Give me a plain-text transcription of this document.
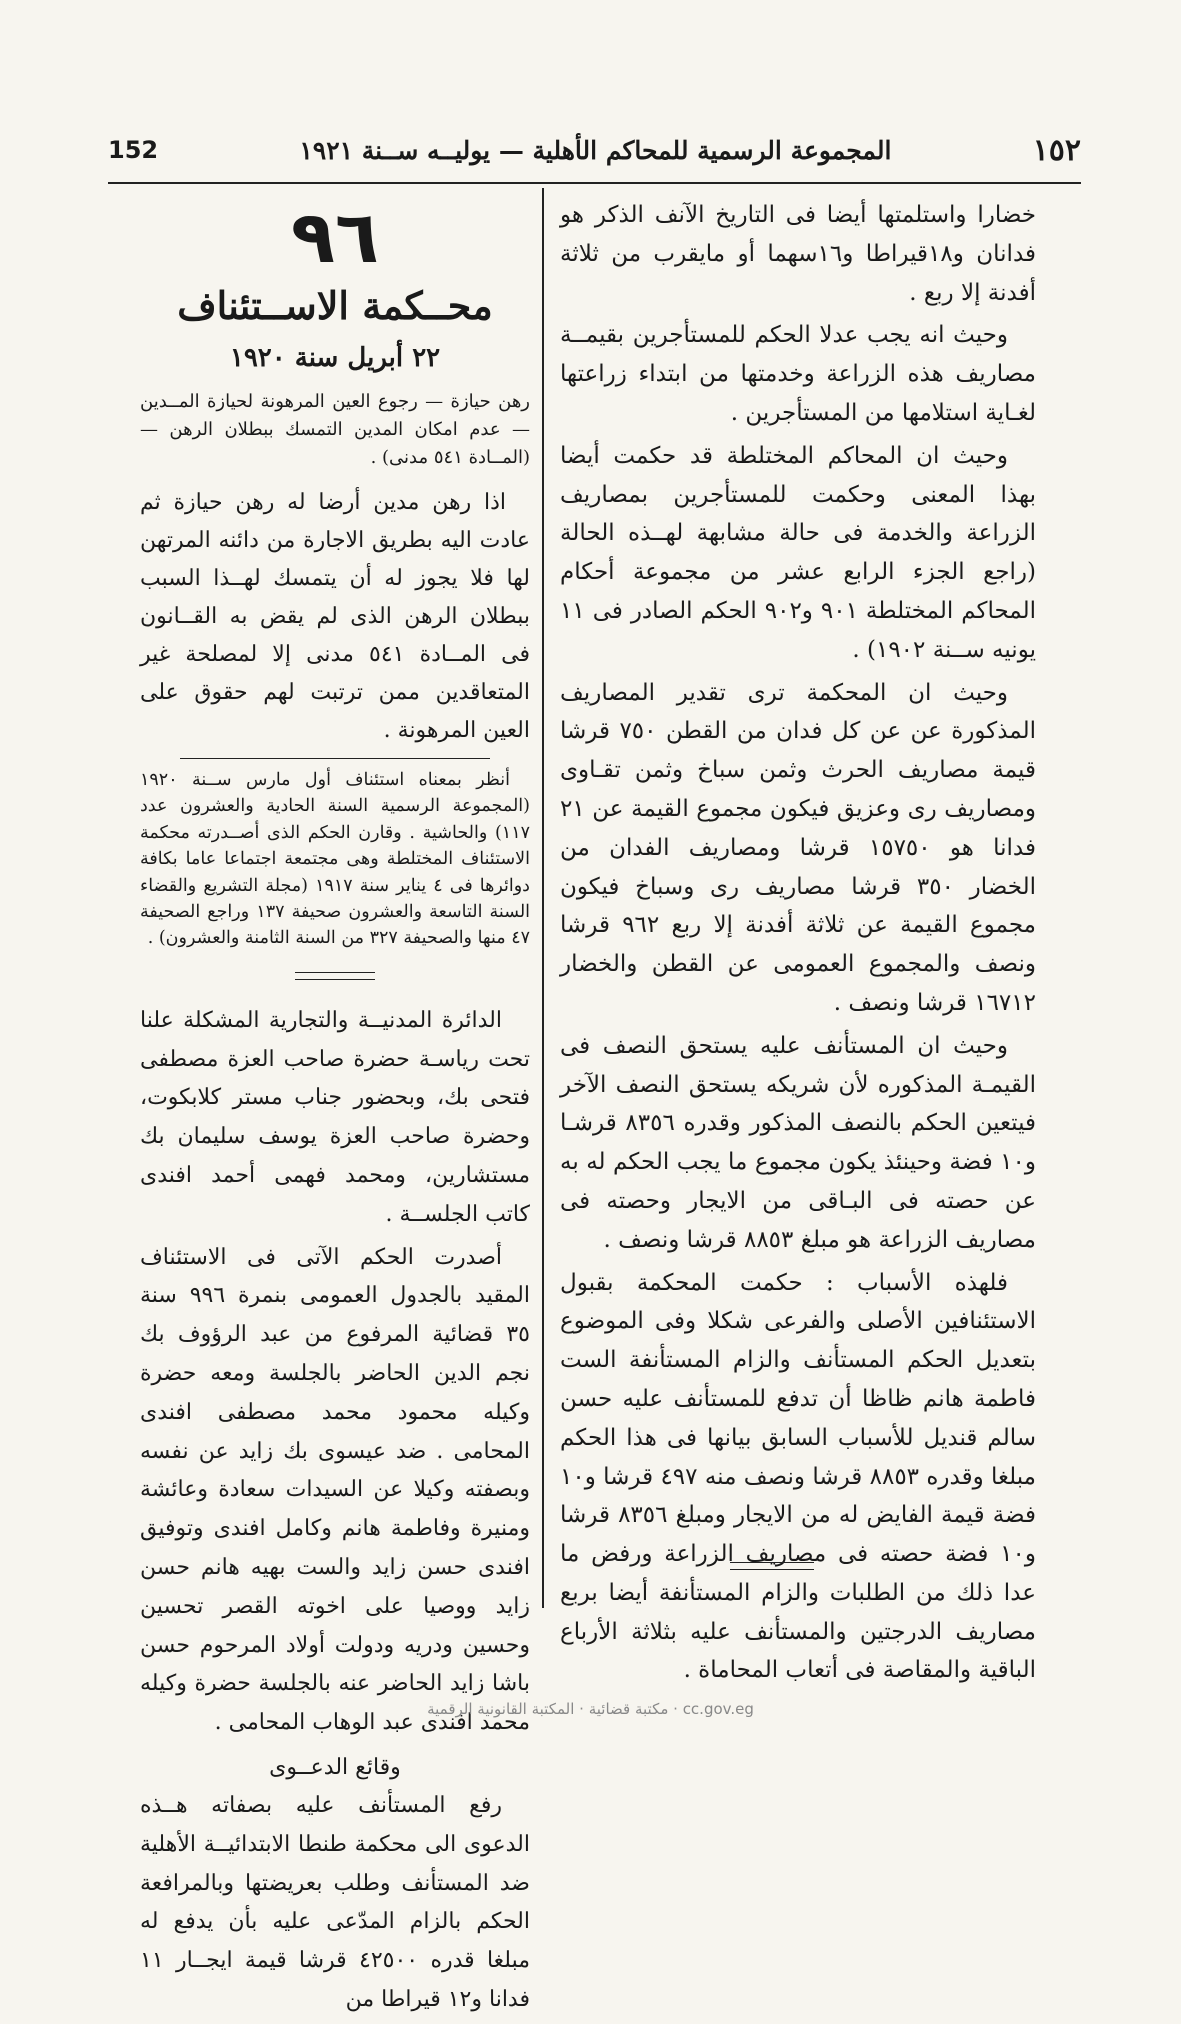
١٥٢
المجموعة الرسمية للمحاكم الأهلية — يوليــه ســنة ١٩٢١
152

خضارا واستلمتها أيضا فى التاريخ الآنف الذكر هو فدانان و١٨قيراطا و١٦سهما أو مايقرب من ثلاثة أفدنة إلا ربع .

وحيث انه يجب عدلا الحكم للمستأجرين بقيمــة مصاريف هذه الزراعة وخدمتها من ابتداء زراعتها لغـاية استلامها من المستأجرين .

وحيث ان المحاكم المختلطة قد حكمت أيضا بهذا المعنى وحكمت للمستأجرين بمصاريف الزراعة والخدمة فى حالة مشابهة لهــذه الحالة (راجع الجزء الرابع عشر من مجموعة أحكام المحاكم المختلطة ٩٠١ و٩٠٢ الحكم الصادر فى ١١ يونيه ســنة ١٩٠٢) .

وحيث ان المحكمة ترى تقدير المصاريف المذكورة عن عن كل فدان من القطن ٧٥٠ قرشا قيمة مصاريف الحرث وثمن سباخ وثمن تقـاوى ومصاريف رى وعزيق فيكون مجموع القيمة عن ٢١ فدانا هو ١٥٧٥٠ قرشا ومصاريف الفدان من الخضار ٣٥٠ قرشا مصاريف رى وسباخ فيكون مجموع القيمة عن ثلاثة أفدنة إلا ربع ٩٦٢ قرشا ونصف والمجموع العمومى عن القطن والخضار ١٦٧١٢ قرشا ونصف .

وحيث ان المستأنف عليه يستحق النصف فى القيمـة المذكوره لأن شريكه يستحق النصف الآخر فيتعين الحكم بالنصف المذكور وقدره ٨٣٥٦ قرشـا و١٠ فضة وحينئذ يكون مجموع ما يجب الحكم له به عن حصته فى البـاقى من الايجار وحصته فى مصاريف الزراعة هو مبلغ ٨٨٥٣ قرشا ونصف .

فلهذه الأسباب : حكمت المحكمة بقبول الاستئنافين الأصلى والفرعى شكلا وفى الموضوع بتعديل الحكم المستأنف والزام المستأنفة الست فاطمة هانم ظاظا أن تدفع للمستأنف عليه حسن سالم قنديل للأسباب السابق بيانها فى هذا الحكم مبلغا وقدره ٨٨٥٣ قرشا ونصف منه ٤٩٧ قرشا و١٠ فضة قيمة الفايض له من الايجار ومبلغ ٨٣٥٦ قرشا و١٠ فضة حصته فى مصاريف الزراعة ورفض ما عدا ذلك من الطلبات والزام المستأنفة أيضا بربع مصاريف الدرجتين والمستأنف عليه بثلاثة الأرباع الباقية والمقاصة فى أتعاب المحاماة .

٩٦
محــكمة الاســتئناف
٢٢ أبريل سنة ١٩٢٠

رهن حيازة — رجوع العين المرهونة لحيازة المــدين — عدم امكان المدين التمسك ببطلان الرهن — (المــادة ٥٤١ مدنى) .

اذا رهن مدين أرضا له رهن حيازة ثم عادت اليه بطريق الاجارة من دائنه المرتهن لها فلا يجوز له أن يتمسك لهــذا السبب ببطلان الرهن الذى لم يقض به القــانون فى المــادة ٥٤١ مدنى إلا لمصلحة غير المتعاقدين ممن ترتبت لهم حقوق على العين المرهونة .

أنظر بمعناه استئناف أول مارس ســنة ١٩٢٠ (المجموعة الرسمية السنة الحادية والعشرون عدد ١١٧) والحاشية . وقارن الحكم الذى أصــدرته محكمة الاستئناف المختلطة وهى مجتمعة اجتماعا عاما بكافة دوائرها فى ٤ يناير سنة ١٩١٧ (مجلة التشريع والقضاء السنة التاسعة والعشرون صحيفة ١٣٧ وراجع الصحيفة ٤٧ منها والصحيفة ٣٢٧ من السنة الثامنة والعشرون) .

الدائرة المدنيــة والتجارية المشكلة علنا تحت رياسـة حضرة صاحب العزة مصطفى فتحى بك، وبحضور جناب مستر كلابكوت، وحضرة صاحب العزة يوسف سليمان بك مستشارين، ومحمد فهمى أحمد افندى كاتب الجلســة .

أصدرت الحكم الآتى فى الاستئناف المقيد بالجدول العمومى بنمرة ٩٩٦ سنة ٣٥ قضائية المرفوع من عبد الرؤوف بك نجم الدين الحاضر بالجلسة ومعه حضرة وكيله محمود محمد مصطفى افندى المحامى . ضد عيسوى بك زايد عن نفسه وبصفته وكيلا عن السيدات سعادة وعائشة ومنيرة وفاطمة هانم وكامل افندى وتوفيق افندى حسن زايد والست بهيه هانم حسن زايد ووصيا على اخوته القصر تحسين وحسين ودريه ودولت أولاد المرحوم حسن باشا زايد الحاضر عنه بالجلسة حضرة وكيله محمد افندى عبد الوهاب المحامى .

وقائع الدعــوى

رفع المستأنف عليه بصفاته هــذه الدعوى الى محكمة طنطا الابتدائيــة الأهلية ضد المستأنف وطلب بعريضتها وبالمرافعة الحكم بالزام المدّعى عليه بأن يدفع له مبلغا قدره ٤٢٥٠٠ قرشا قيمة ايجــار ١١ فدانا و١٢ قيراطا من

cc.gov.eg · مكتبة قضائية · المكتبة القانونية الرقمية
